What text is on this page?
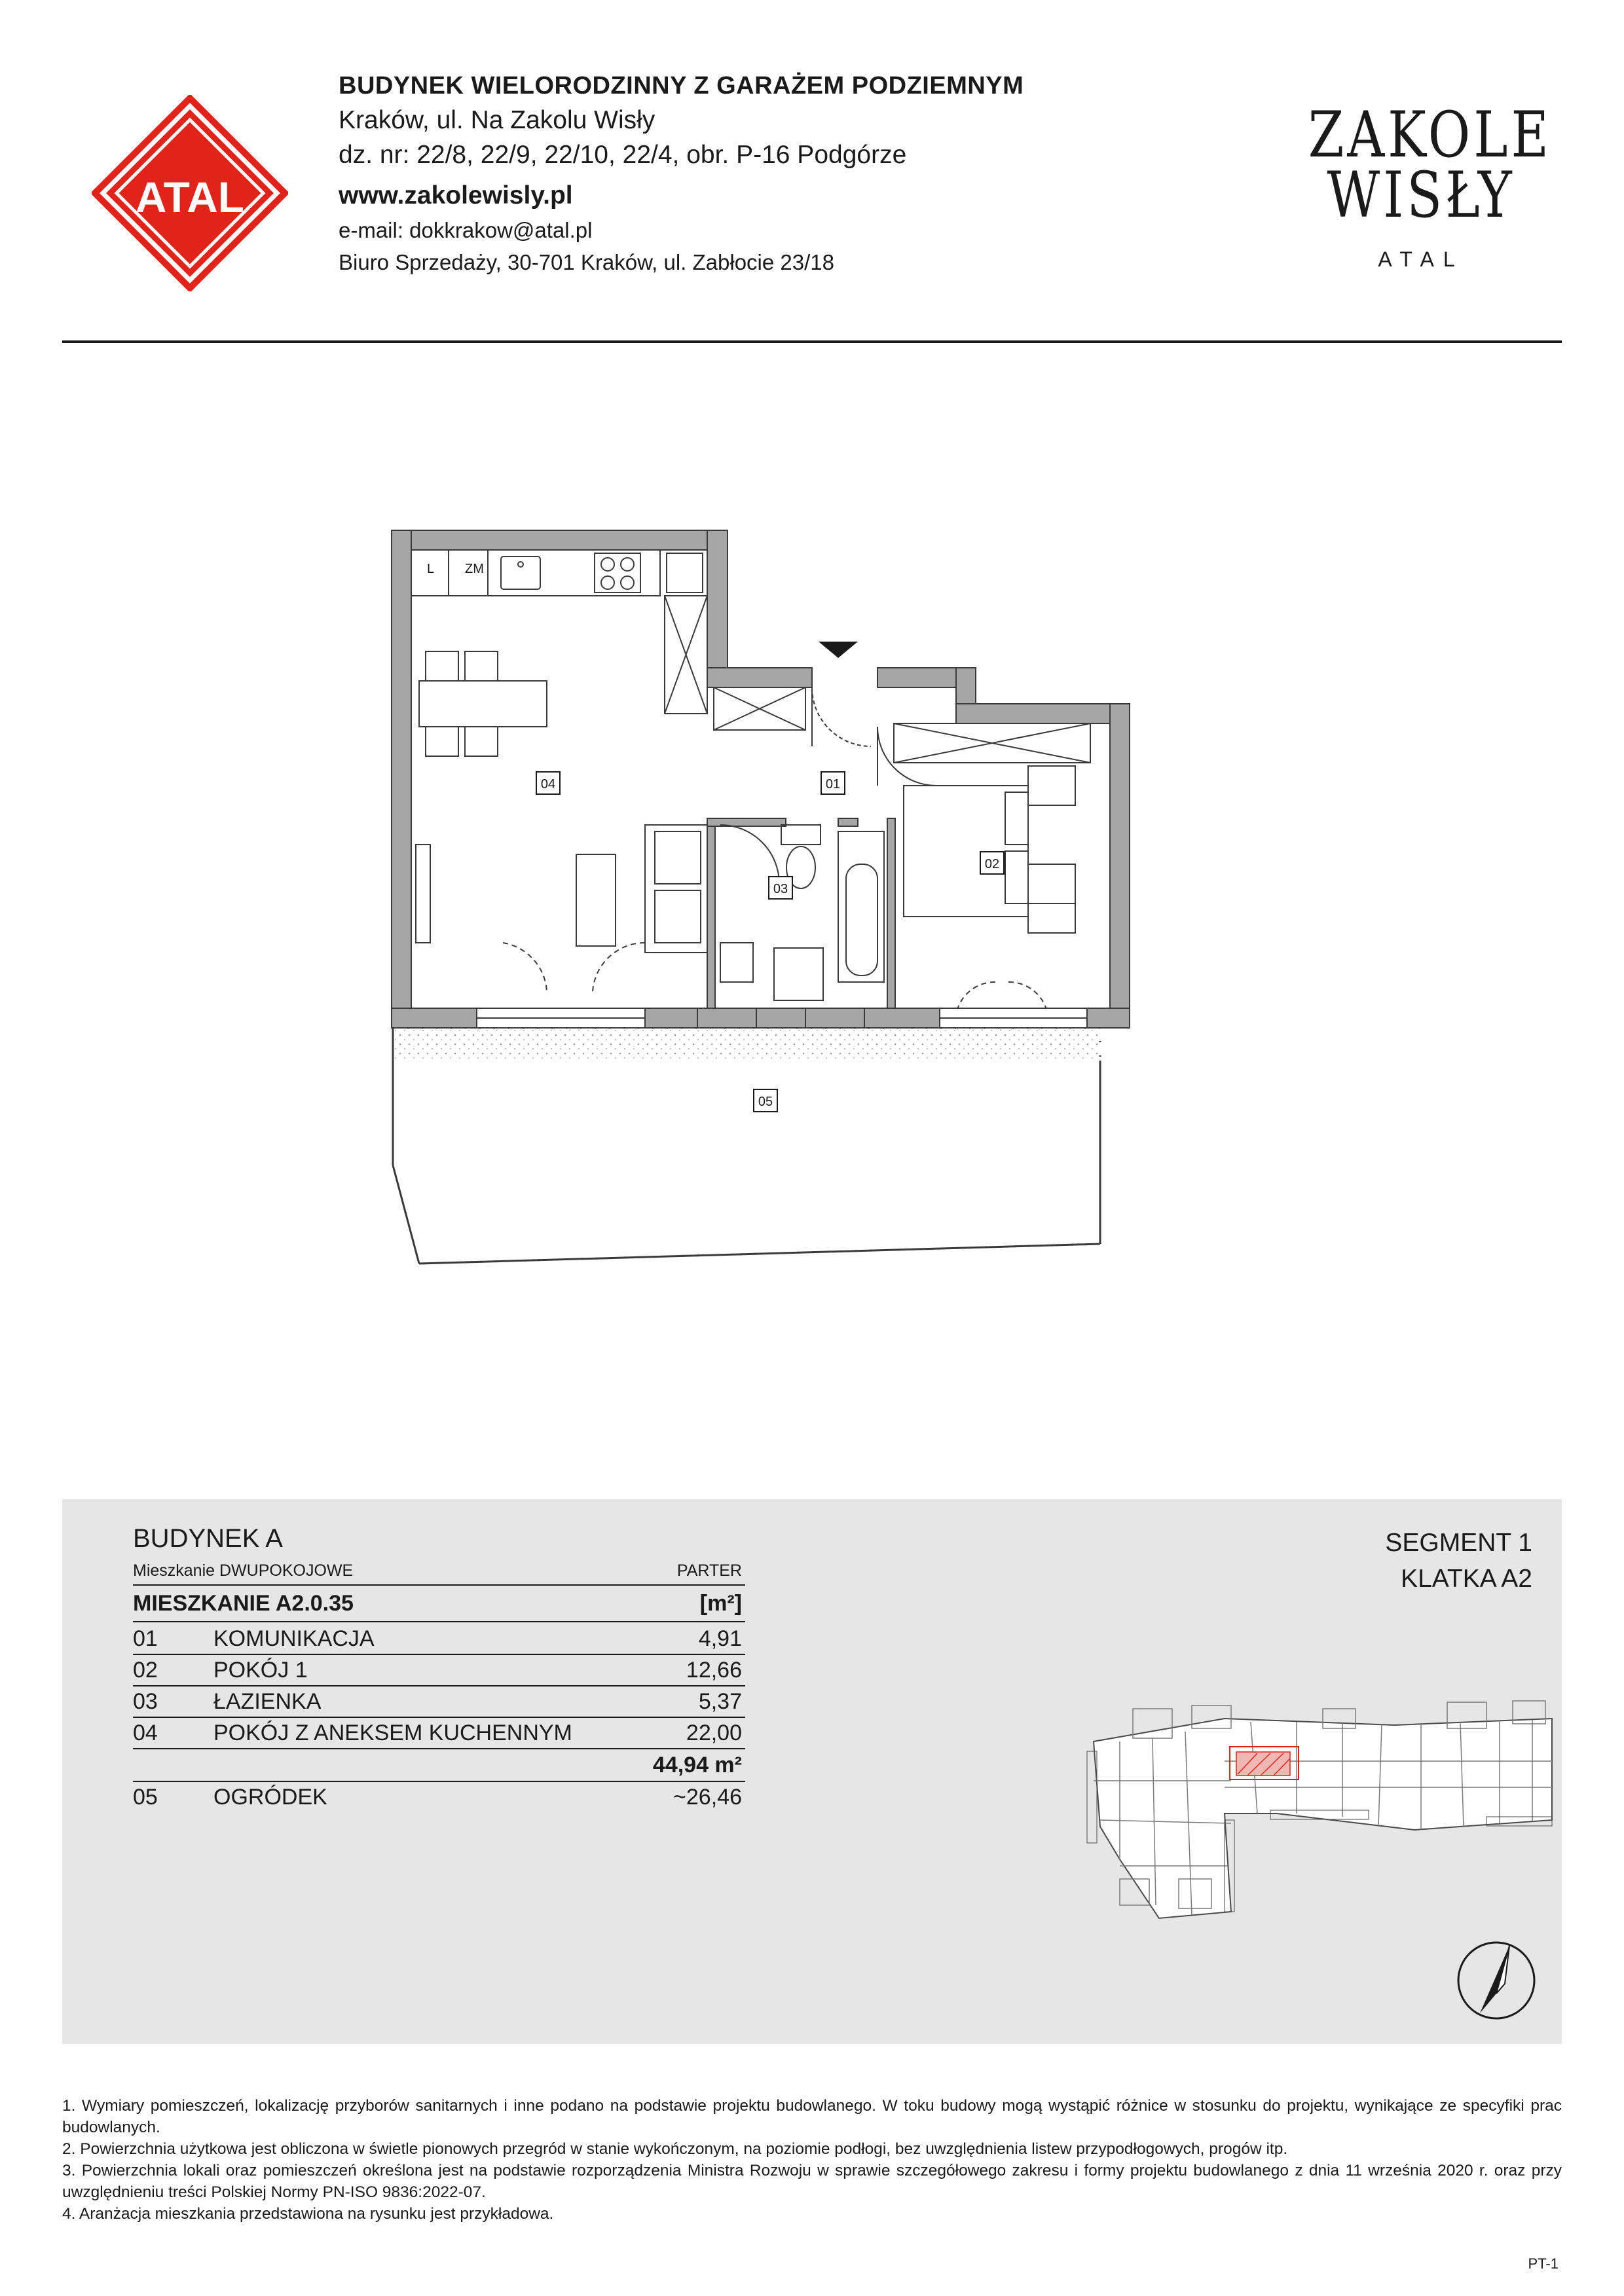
ATAL
BUDYNEK WIELORODZINNY Z GARAŻEM PODZIEMNYM
Kraków, ul. Na Zakolu Wisły
dz. nr: 22/8, 22/9, 22/10, 22/4, obr. P-16 Podgórze
www.zakolewisly.pl
e-mail: dokkrakow@atal.pl
Biuro Sprzedaży, 30-701 Kraków, ul. Zabłocie 23/18
ZAKOLE
WISŁY
ATAL
L ZM
04	01
03
02
05
BUDYNEK A
Mieszkanie DWUPOKOJOWE	PARTER
MIESZKANIE A2.0.35	[m²]
01	KOMUNIKACJA	4,91
02	POKÓJ 1	12,66
03	ŁAZIENKA	5,37
04	POKÓJ Z ANEKSEM KUCHENNYM	22,00
44,94 m²
05	OGRÓDEK	~26,46
SEGMENT 1
KLATKA A2
1. Wymiary pomieszczeń, lokalizację przyborów sanitarnych i inne podano na podstawie projektu budowlanego. W toku budowy mogą wystąpić różnice w stosunku do projektu, wynikające ze specyfiki prac budowlanych.
2. Powierzchnia użytkowa jest obliczona w świetle pionowych przegród w stanie wykończonym, na poziomie podłogi, bez uwzględnienia listew przypodłogowych, progów itp.
3. Powierzchnia lokali oraz pomieszczeń określona jest na podstawie rozporządzenia Ministra Rozwoju w sprawie szczegółowego zakresu i formy projektu budowlanego z dnia 11 września 2020 r. oraz przy uwzględnieniu treści Polskiej Normy PN-ISO 9836:2022-07.
4. Aranżacja mieszkania przedstawiona na rysunku jest przykładowa.
PT-1
